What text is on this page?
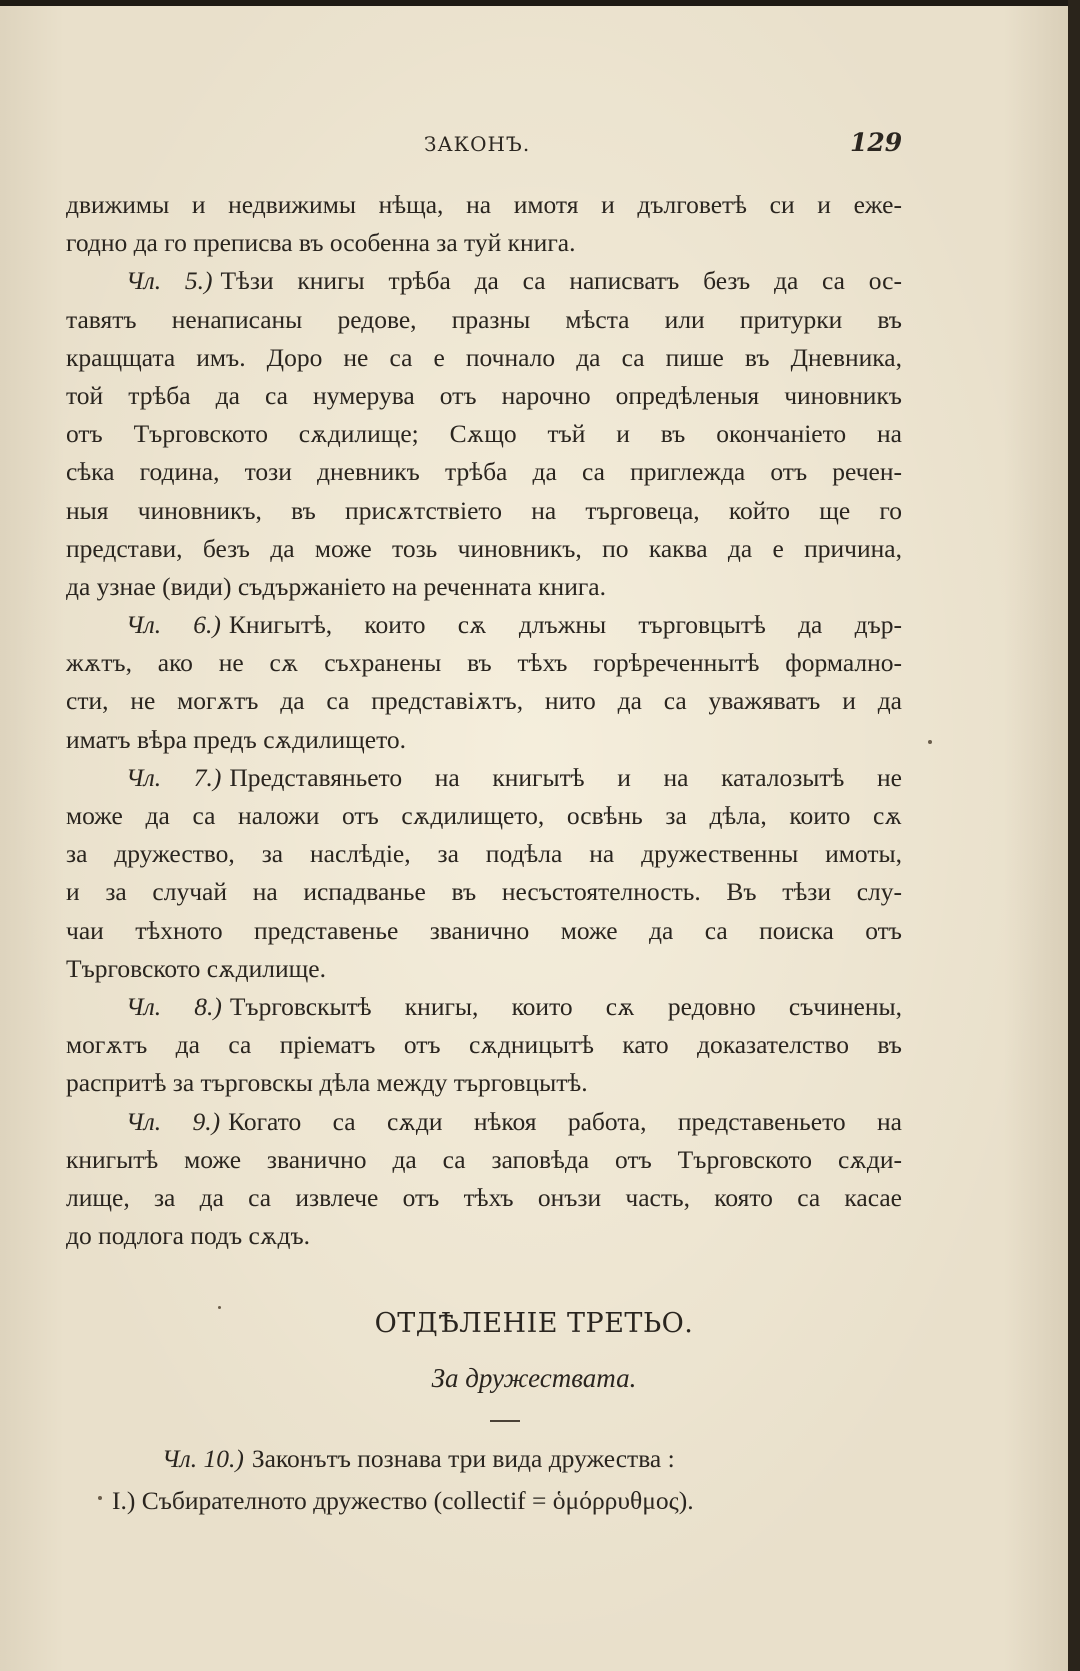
ЗАКОНЪ.	129
движимы и недвижимы нѣща, на имотя и дълговетѣ си и еже-
годно да го преписва въ особенна за туй книга.
Чл. 5.) Тѣзи книгы трѣба да са написватъ безъ да са ос-
тавятъ ненаписаны редове, празны мѣста или притурки въ
кращщата имъ. Доро не са е почнало да са пише въ Дневника,
той трѣба да са нумерува отъ нарочно опредѣленыя чиновникъ
отъ Търговското сѫдилище; Сѫщо тъй и въ окончанiето на
сѣка година, този дневникъ трѣба да са приглежда отъ речен-
ныя чиновникъ, въ присѫтствiето на търговеца, който ще го
представи, безъ да може тозь чиновникъ, по каква да е причина,
да узнае (види) съдържанiето на реченната книга.
Чл. 6.) Книгытѣ, които сѫ длъжны търговцытѣ да дър-
жѫтъ, ако не сѫ съхранены въ тѣхъ горѣреченнытѣ формално-
сти, не могѫтъ да са представiѫтъ, нито да са уважяватъ и да
иматъ вѣра предъ сѫдилището.
Чл. 7.) Представяньето на книгытѣ и на каталозытѣ не
може да са наложи отъ сѫдилището, освѣнь за дѣла, които сѫ
за дружество, за наслѣдiе, за подѣла на дружественны имоты,
и за случай на испадванье въ несъстоятелность. Въ тѣзи слу-
чаи тѣхното представенье званично може да са поиска отъ
Търговското сѫдилище.
Чл. 8.) Търговскытѣ книгы, които сѫ редовно съчинены,
могѫтъ да са прiематъ отъ сѫдницытѣ като доказателство въ
распритѣ за търговскы дѣла между търговцытѣ.
Чл. 9.) Когато са сѫди нѣкоя работа, представеньето на
книгытѣ може званично да са заповѣда отъ Търговското сѫди-
лище, за да са извлече отъ тѣхъ онъзи часть, която са касае
до подлога подъ сѫдъ.
ОТДѢЛЕНIЕ ТРЕТЬО.
За дружествата.
Чл. 10.) Законътъ познава три вида дружества :
I.) Събирателното дружество (collectif = ὁμόρρυθμος).
